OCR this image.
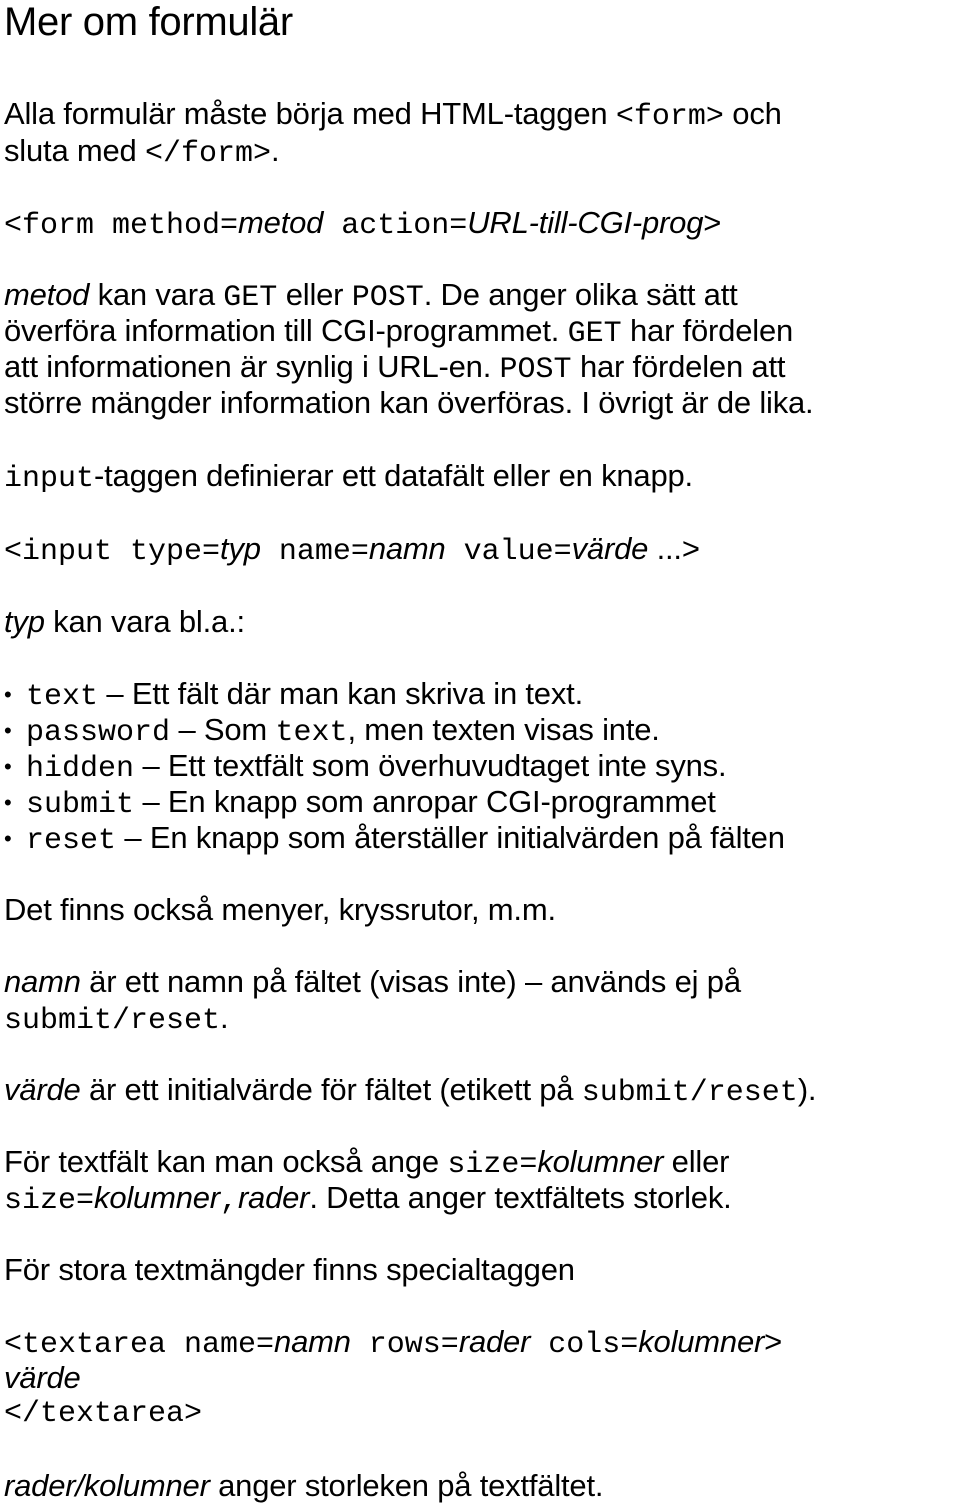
Mer om formulär
Alla formulär måste börja med HTML-taggen <form> och
sluta med </form>.
<form method=metod action=URL-till-CGI-prog>
metod kan vara GET eller POST. De anger olika sätt att
överföra information till CGI-programmet. GET har fördelen
att informationen är synlig i URL-en. POST har fördelen att
större mängder information kan överföras. I övrigt är de lika.
input-taggen definierar ett datafält eller en knapp.
<input type=typ name=namn value=värde ...>
typ kan vara bl.a.:
• text – Ett fält där man kan skriva in text.
• password – Som text, men texten visas inte.
• hidden – Ett textfält som överhuvudtaget inte syns.
• submit – En knapp som anropar CGI-programmet
• reset – En knapp som återställer initialvärden på fälten
Det finns också menyer, kryssrutor, m.m.
namn är ett namn på fältet (visas inte) – används ej på
submit/reset.
värde är ett initialvärde för fältet (etikett på submit/reset).
För textfält kan man också ange size=kolumner eller
size=kolumner,rader. Detta anger textfältets storlek.
För stora textmängder finns specialtaggen
<textarea name=namn rows=rader cols=kolumner>
värde
</textarea>
rader/kolumner anger storleken på textfältet.
